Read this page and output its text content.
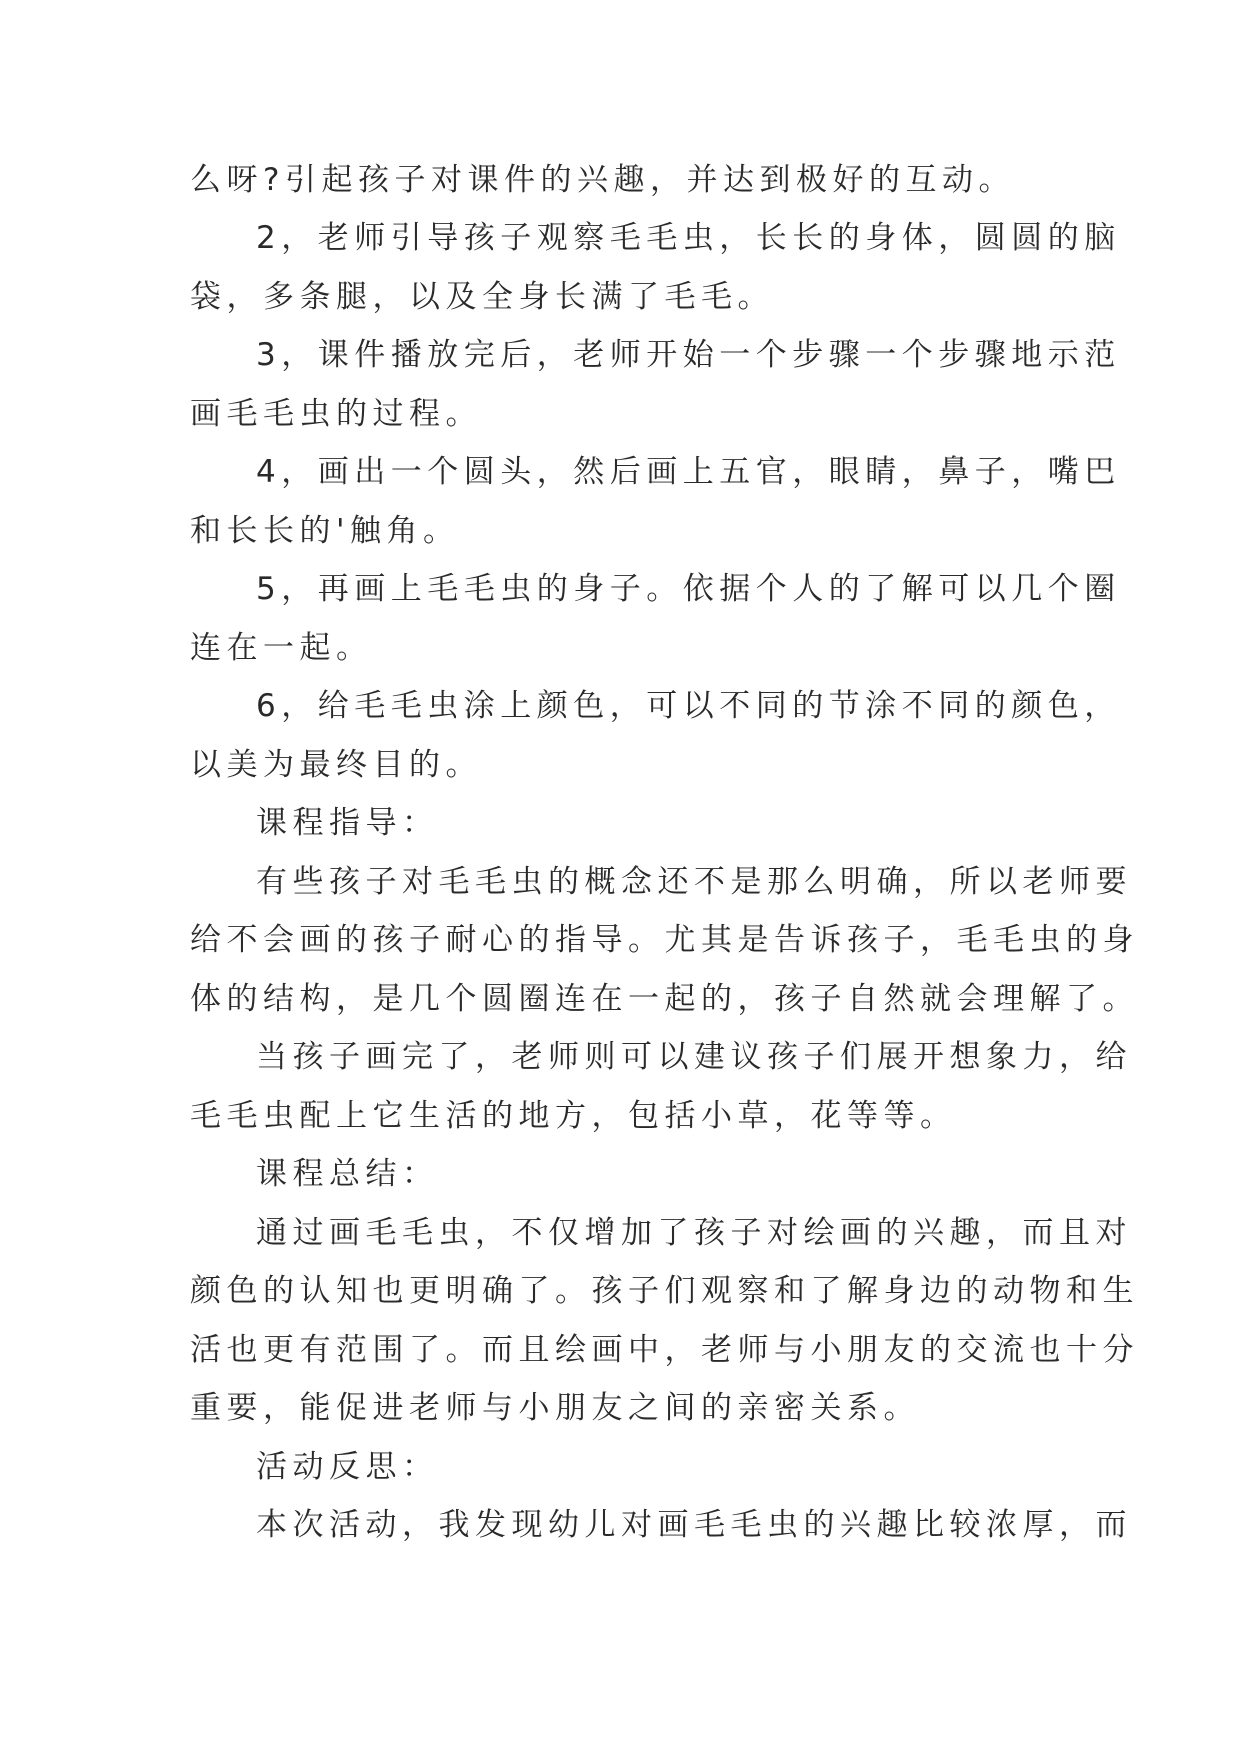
么呀?引起孩子对课件的兴趣，并达到极好的互动。
2，老师引导孩子观察毛毛虫，长长的身体，圆圆的脑
袋，多条腿，以及全身长满了毛毛。
3，课件播放完后，老师开始一个步骤一个步骤地示范
画毛毛虫的过程。
4，画出一个圆头，然后画上五官，眼睛，鼻子，嘴巴
和长长的'触角。
5，再画上毛毛虫的身子。依据个人的了解可以几个圈
连在一起。
6，给毛毛虫涂上颜色，可以不同的节涂不同的颜色，
以美为最终目的。
课程指导：
有些孩子对毛毛虫的概念还不是那么明确，所以老师要
给不会画的孩子耐心的指导。尤其是告诉孩子，毛毛虫的身
体的结构，是几个圆圈连在一起的，孩子自然就会理解了。
当孩子画完了，老师则可以建议孩子们展开想象力，给
毛毛虫配上它生活的地方，包括小草，花等等。
课程总结：
通过画毛毛虫，不仅增加了孩子对绘画的兴趣，而且对
颜色的认知也更明确了。孩子们观察和了解身边的动物和生
活也更有范围了。而且绘画中，老师与小朋友的交流也十分
重要，能促进老师与小朋友之间的亲密关系。
活动反思：
本次活动，我发现幼儿对画毛毛虫的兴趣比较浓厚，而
